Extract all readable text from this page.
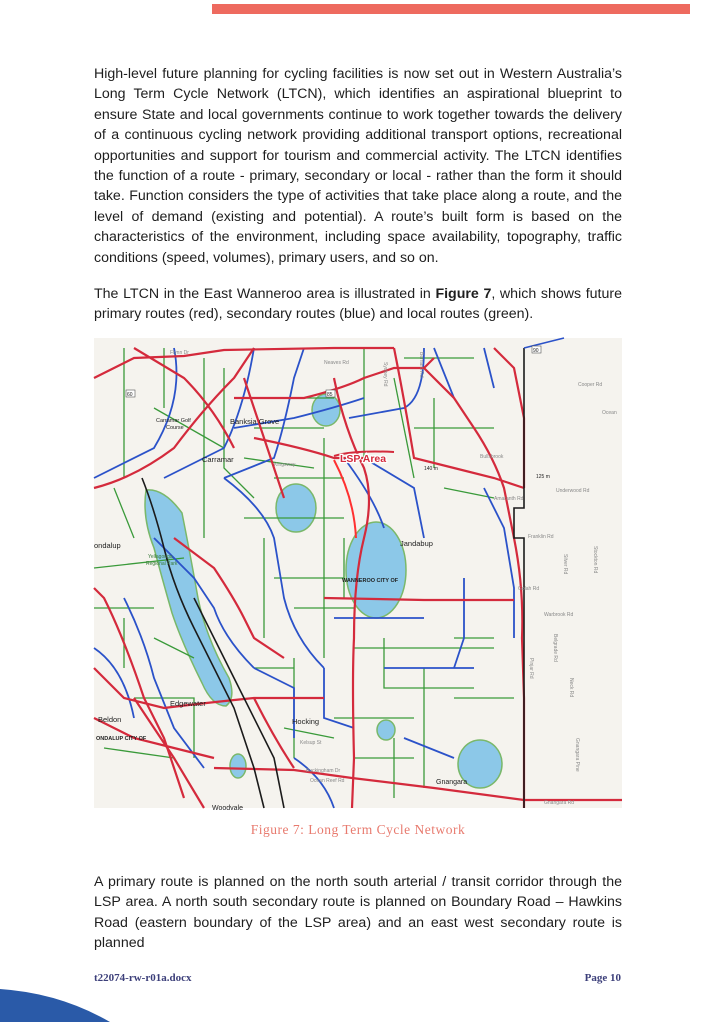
High-level future planning for cycling facilities is now set out in Western Australia’s Long Term Cycle Network (LTCN), which identifies an aspirational blueprint to ensure State and local governments continue to work together towards the delivery of a continuous cycling network providing additional transport options, recreational opportunities and support for tourism and commercial activity. The LTCN identifies the function of a route - primary, secondary or local - rather than the form it should take. Function considers the type of activities that take place along a route, and the level of demand (existing and potential). A route’s built form is based on the characteristics of the environment, including space availability, topography, traffic conditions (speed, volumes), primary users, and so on.

The LTCN in the East Wanneroo area is illustrated in Figure 7, which shows future primary routes (red), secondary routes (blue) and local routes (green).

LSP Area
Carramar Golf
Course
Banksia Grove
Carramar
ondalup	Jandabup
WANNEROO CITY OF
Edgewater
Beldon
ONDALUP CITY OF
Hocking
Gnangara
Woodvale
Yellagonga
Regional Park
Flynn Dr
Neaves Rd	Sydney Rd	Cooper Rd
Bullsbrook
Ocean
Bernard Rd
140 m
125 m
Underwood Rd
Amaranth Rd
Franklin Rd
Silver Rd	Stockton Rd
Warbrook Rd
Golah Rd
Pinjar Rd
Neck Rd
Belgrade Rd
Buckingham Dr
Ocean Reef Rd
Gnangara Rd
Kelsup St
Kingsway
Gnangara Pine
60	85
90
Figure 7: Long Term Cycle Network

A primary route is planned on the north south arterial / transit corridor through the LSP area. A north south secondary route is planned on Boundary Road – Hawkins Road (eastern boundary of the LSP area) and an east west secondary route is planned

t22074-rw-r01a.docx	Page 10
